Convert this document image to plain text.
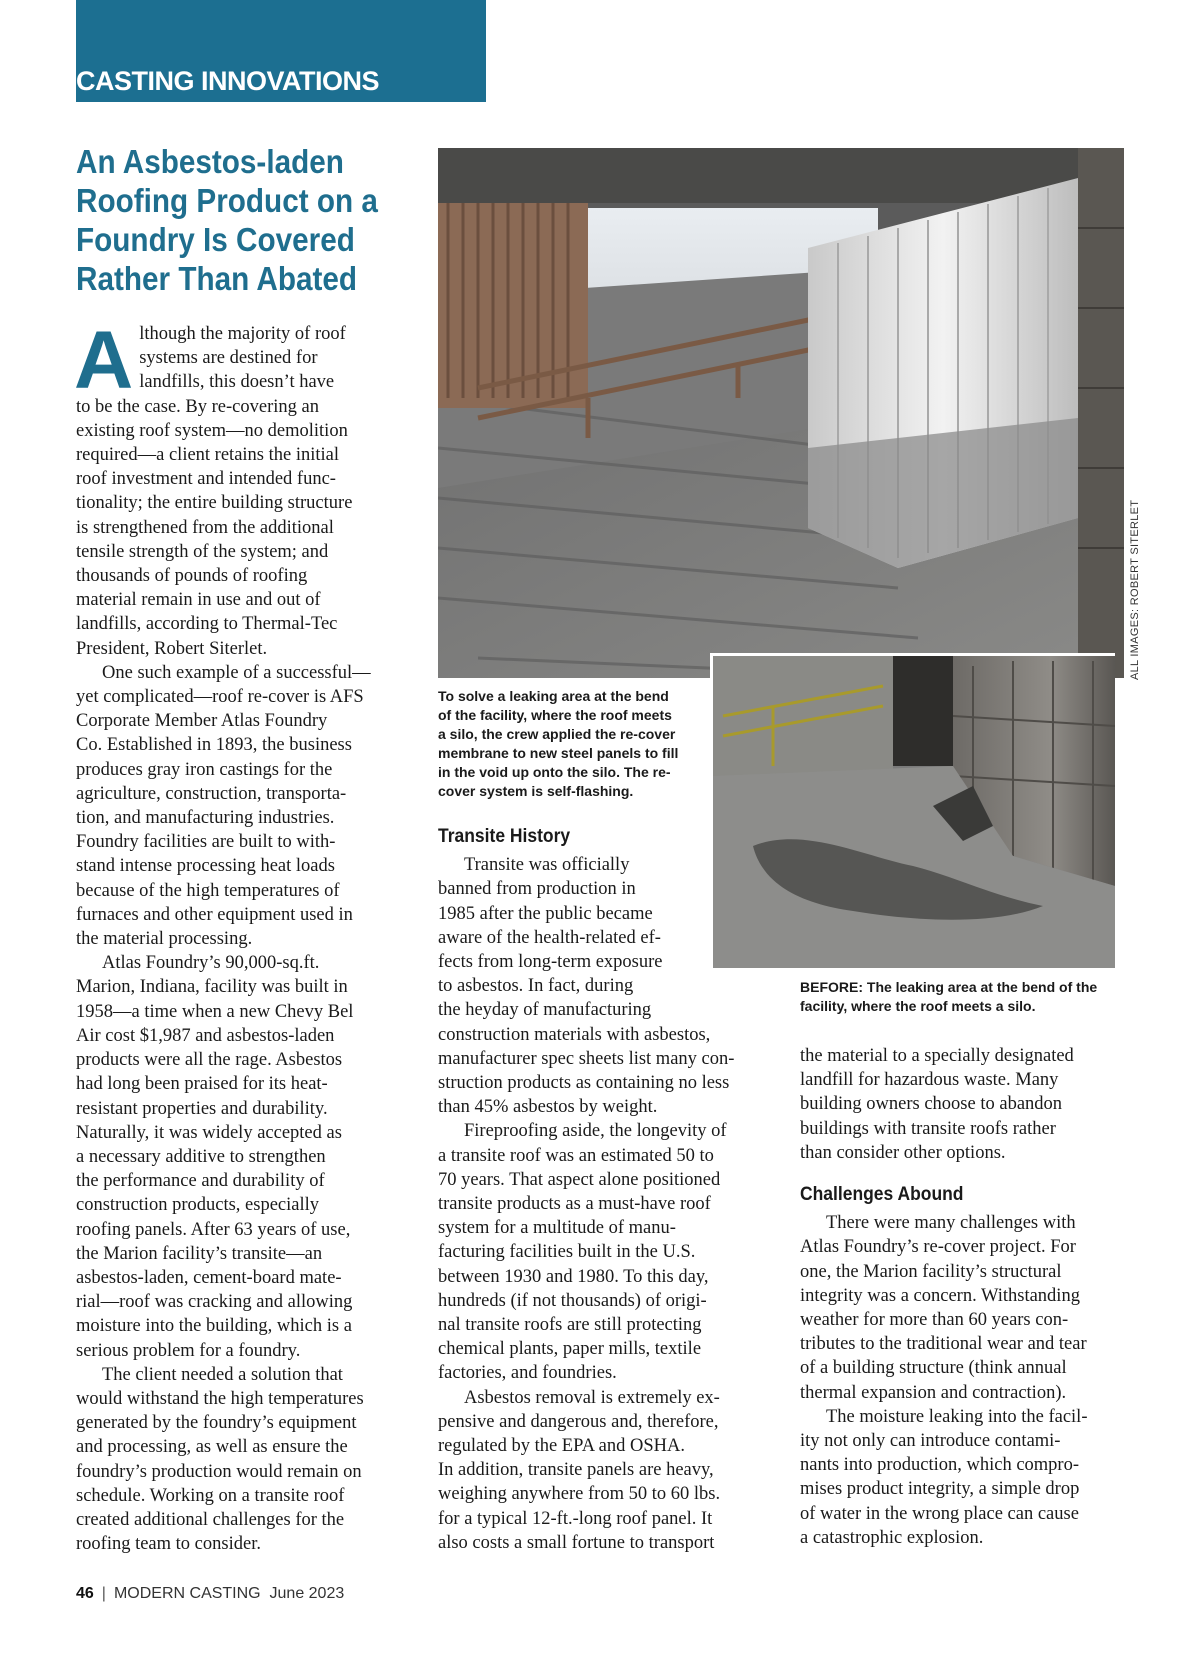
CASTING INNOVATIONS
An Asbestos-laden
Roofing Product on a
Foundry Is Covered
Rather Than Abated

A lthough the majority of roof
systems are destined for
landfills, this doesn’t have
to be the case. By re-covering an
existing roof system—no demolition
required—a client retains the initial
roof investment and intended func-
tionality; the entire building structure
is strengthened from the additional
tensile strength of the system; and
thousands of pounds of roofing
material remain in use and out of
landfills, according to Thermal-Tec
President, Robert Siterlet.

One such example of a successful—
yet complicated—roof re-cover is AFS
Corporate Member Atlas Foundry
Co. Established in 1893, the business
produces gray iron castings for the
agriculture, construction, transporta-
tion, and manufacturing industries.
Foundry facilities are built to with-
stand intense processing heat loads
because of the high temperatures of
furnaces and other equipment used in
the material processing.

Atlas Foundry’s 90,000-sq.ft.
Marion, Indiana, facility was built in
1958—a time when a new Chevy Bel
Air cost $1,987 and asbestos-laden
products were all the rage. Asbestos
had long been praised for its heat-
resistant properties and durability.
Naturally, it was widely accepted as
a necessary additive to strengthen
the performance and durability of
construction products, especially
roofing panels. After 63 years of use,
the Marion facility’s transite—an
asbestos-laden, cement-board mate-
rial—roof was cracking and allowing
moisture into the building, which is a
serious problem for a foundry.

The client needed a solution that
would withstand the high temperatures
generated by the foundry’s equipment
and processing, as well as ensure the
foundry’s production would remain on
schedule. Working on a transite roof
created additional challenges for the
roofing team to consider.

To solve a leaking area at the bend
of the facility, where the roof meets
a silo, the crew applied the re-cover
membrane to new steel panels to fill
in the void up onto the silo. The re-
cover system is self-flashing.
BEFORE: The leaking area at the bend of the
facility, where the roof meets a silo.
ALL IMAGES: ROBERT SITERLET
Transite History

Transite was officially
banned from production in
1985 after the public became
aware of the health-related ef-
fects from long-term exposure
to asbestos. In fact, during
the heyday of manufacturing
construction materials with asbestos,
manufacturer spec sheets list many con-
struction products as containing no less
than 45% asbestos by weight.

Fireproofing aside, the longevity of
a transite roof was an estimated 50 to
70 years. That aspect alone positioned
transite products as a must-have roof
system for a multitude of manu-
facturing facilities built in the U.S.
between 1930 and 1980. To this day,
hundreds (if not thousands) of origi-
nal transite roofs are still protecting
chemical plants, paper mills, textile
factories, and foundries.

Asbestos removal is extremely ex-
pensive and dangerous and, therefore,
regulated by the EPA and OSHA.
In addition, transite panels are heavy,
weighing anywhere from 50 to 60 lbs.
for a typical 12-ft.-long roof panel. It
also costs a small fortune to transport

the material to a specially designated
landfill for hazardous waste. Many
building owners choose to abandon
buildings with transite roofs rather
than consider other options.

Challenges Abound

There were many challenges with
Atlas Foundry’s re-cover project. For
one, the Marion facility’s structural
integrity was a concern. Withstanding
weather for more than 60 years con-
tributes to the traditional wear and tear
of a building structure (think annual
thermal expansion and contraction).

The moisture leaking into the facil-
ity not only can introduce contami-
nants into production, which compro-
mises product integrity, a simple drop
of water in the wrong place can cause
a catastrophic explosion.

46 | MODERN CASTING June 2023
